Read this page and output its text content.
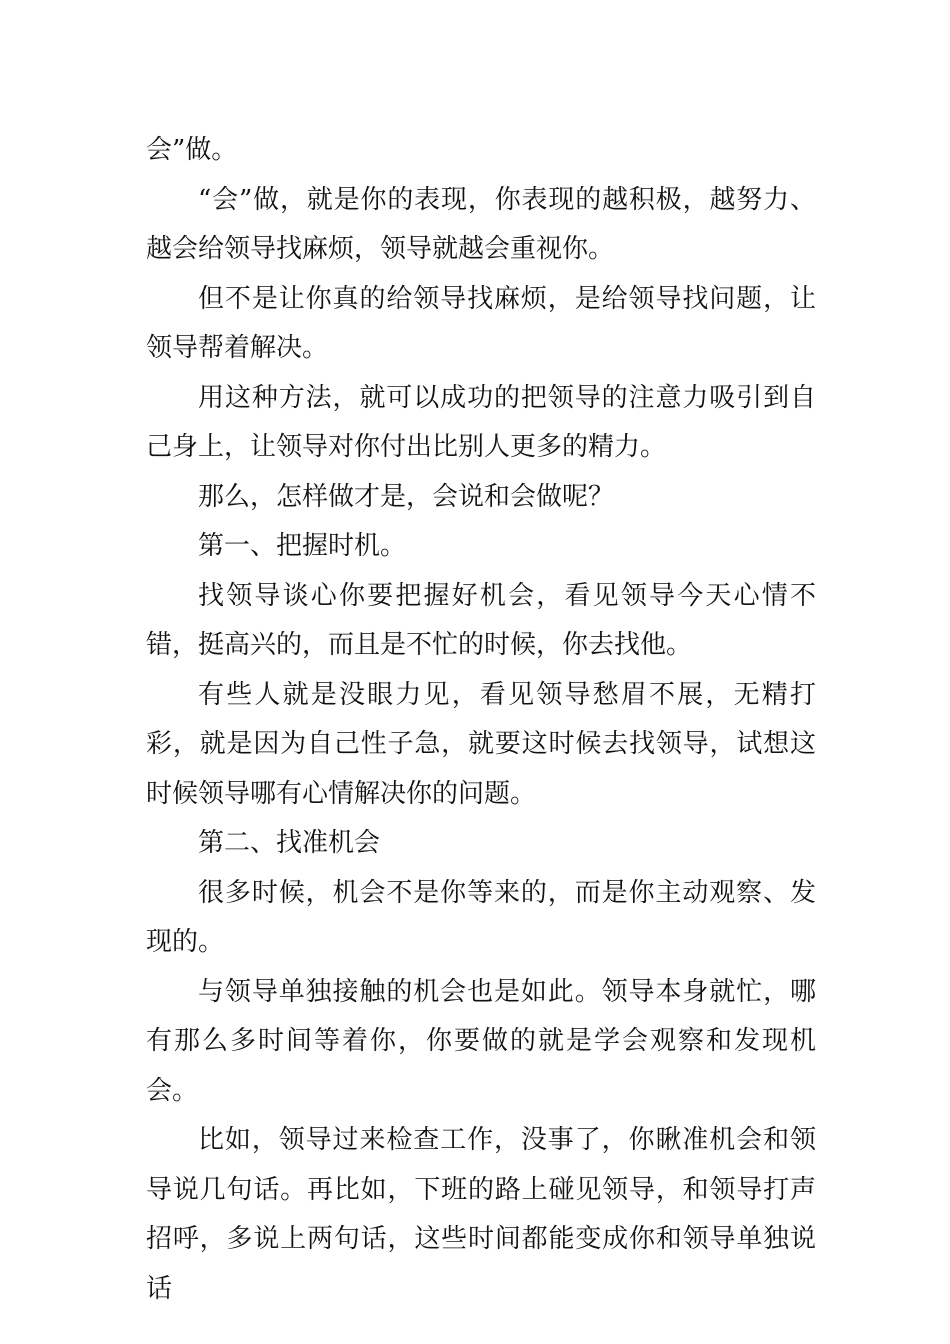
会”做。

“会”做，就是你的表现，你表现的越积极，越努力、越会给领导找麻烦，领导就越会重视你。

但不是让你真的给领导找麻烦，是给领导找问题，让领导帮着解决。

用这种方法，就可以成功的把领导的注意力吸引到自己身上，让领导对你付出比别人更多的精力。

那么，怎样做才是，会说和会做呢？

第一、把握时机。

找领导谈心你要把握好机会，看见领导今天心情不错，挺高兴的，而且是不忙的时候，你去找他。

有些人就是没眼力见，看见领导愁眉不展，无精打彩，就是因为自己性子急，就要这时候去找领导，试想这时候领导哪有心情解决你的问题。

第二、找准机会

很多时候，机会不是你等来的，而是你主动观察、发现的。

与领导单独接触的机会也是如此。领导本身就忙，哪有那么多时间等着你，你要做的就是学会观察和发现机会。

比如，领导过来检查工作，没事了，你瞅准机会和领导说几句话。再比如，下班的路上碰见领导，和领导打声招呼，多说上两句话，这些时间都能变成你和领导单独说话
